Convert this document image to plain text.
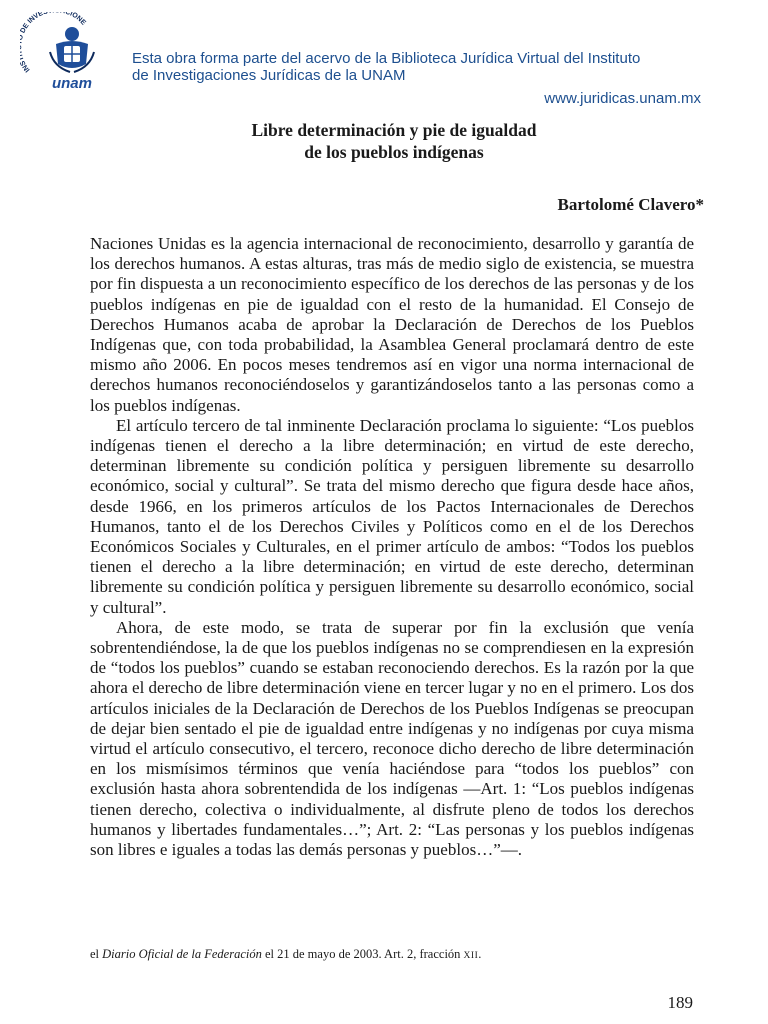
INS DE INVES CIONE
unam
Esta obra forma parte del acervo de la Biblioteca Jurídica Virtual del Instituto
de Investigaciones Jurídicas de la UNAM
www.juridicas.unam.mx
Libre determinación y pie de igualdad
de los pueblos indígenas
Bartolomé Clavero*

Naciones Unidas es la agencia internacional de reconocimiento, desarrollo y garantía de los derechos humanos. A estas alturas, tras más de medio siglo de existencia, se muestra por fin dispuesta a un reconocimiento específico de los derechos de las personas y de los pueblos indígenas en pie de igualdad con el resto de la humanidad. El Consejo de Derechos Humanos acaba de aprobar la Declaración de Derechos de los Pueblos Indígenas que, con toda probabilidad, la Asamblea General proclamará dentro de este mismo año 2006. En pocos meses tendremos así en vigor una norma internacional de derechos humanos reconociéndoselos y garantizándoselos tanto a las personas como a los pueblos indígenas.

El artículo tercero de tal inminente Declaración proclama lo siguiente: “Los pueblos indígenas tienen el derecho a la libre determinación; en virtud de este derecho, determinan libremente su condición política y persiguen libremente su desarrollo económico, social y cultural”. Se trata del mismo derecho que figura desde hace años, desde 1966, en los primeros artículos de los Pactos Internacionales de Derechos Humanos, tanto el de los Derechos Civiles y Políticos como en el de los Derechos Económicos Sociales y Culturales, en el primer artículo de ambos: “Todos los pueblos tienen el derecho a la libre determinación; en virtud de este derecho, determinan libremente su condición política y persiguen libremente su desarrollo económico, social y cultural”.

Ahora, de este modo, se trata de superar por fin la exclusión que venía sobrentendiéndose, la de que los pueblos indígenas no se comprendiesen en la expresión de “todos los pueblos” cuando se estaban reconociendo derechos. Es la razón por la que ahora el derecho de libre determinación viene en tercer lugar y no en el primero. Los dos artículos iniciales de la Declaración de Derechos de los Pueblos Indígenas se preocupan de dejar bien sentado el pie de igualdad entre indígenas y no indígenas por cuya misma virtud el artículo consecutivo, el tercero, reconoce dicho derecho de libre determinación en los mismísimos términos que venía haciéndose para “todos los pueblos” con exclusión hasta ahora sobrentendida de los indígenas —Art. 1: “Los pueblos indígenas tienen derecho, colectiva o individualmente, al disfrute pleno de todos los derechos humanos y libertades fundamentales…”; Art. 2: “Las personas y los pueblos indígenas son libres e iguales a todas las demás personas y pueblos…”—.

el Diario Oficial de la Federación el 21 de mayo de 2003. Art. 2, fracción XII.
189
